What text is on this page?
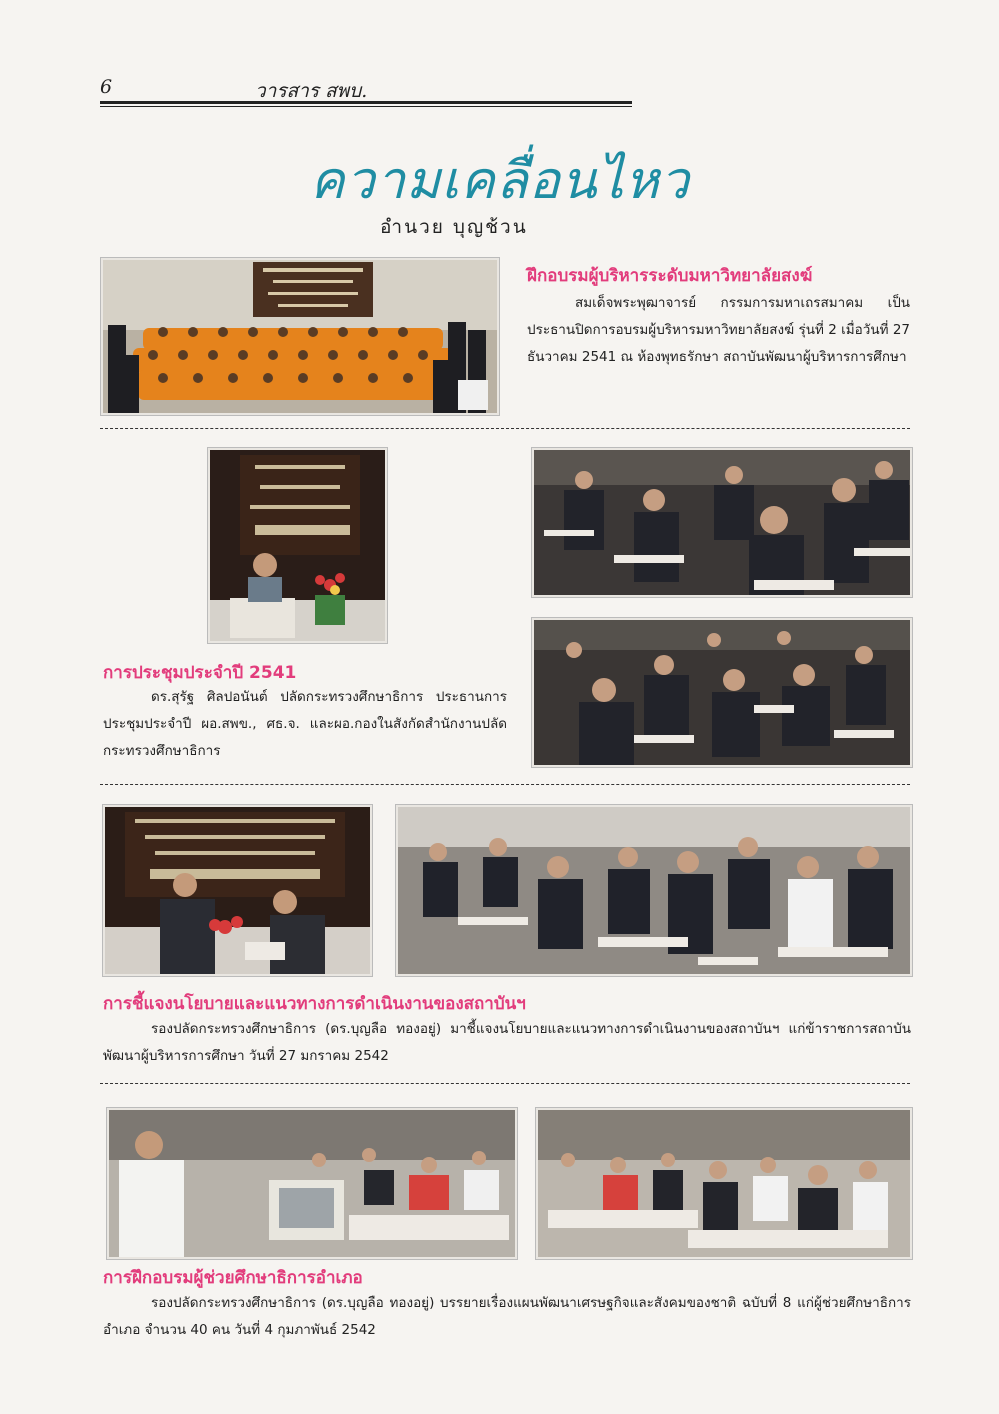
6	วารสาร สพบ.
ความเคลื่อนไหว
อำนวย บุญช้วน
ฝึกอบรมผู้บริหารระดับมหาวิทยาลัยสงฆ์
สมเด็จพระพุฒาจารย์ กรรมการมหาเถรสมาคม เป็นประธานปิดการอบรมผู้บริหารมหาวิทยาลัยสงฆ์ รุ่นที่ 2 เมื่อวันที่ 27 ธันวาคม 2541 ณ ห้องพุทธรักษา สถาบันพัฒนาผู้บริหารการศึกษา
การประชุมประจำปี 2541
ดร.สุรัฐ ศิลปอนันต์ ปลัดกระทรวงศึกษาธิการ ประธานการประชุมประจำปี ผอ.สพข., ศธ.จ. และผอ.กองในสังกัดสำนักงานปลัดกระทรวงศึกษาธิการ
การชี้แจงนโยบายและแนวทางการดำเนินงานของสถาบันฯ
รองปลัดกระทรวงศึกษาธิการ (ดร.บุญลือ ทองอยู่) มาชี้แจงนโยบายและแนวทางการดำเนินงานของสถาบันฯ แก่ข้าราชการสถาบันพัฒนาผู้บริหารการศึกษา วันที่ 27 มกราคม 2542
การฝึกอบรมผู้ช่วยศึกษาธิการอำเภอ
รองปลัดกระทรวงศึกษาธิการ (ดร.บุญลือ ทองอยู่) บรรยายเรื่องแผนพัฒนาเศรษฐกิจและสังคมของชาติ ฉบับที่ 8 แก่ผู้ช่วยศึกษาธิการอำเภอ จำนวน 40 คน วันที่ 4 กุมภาพันธ์ 2542
